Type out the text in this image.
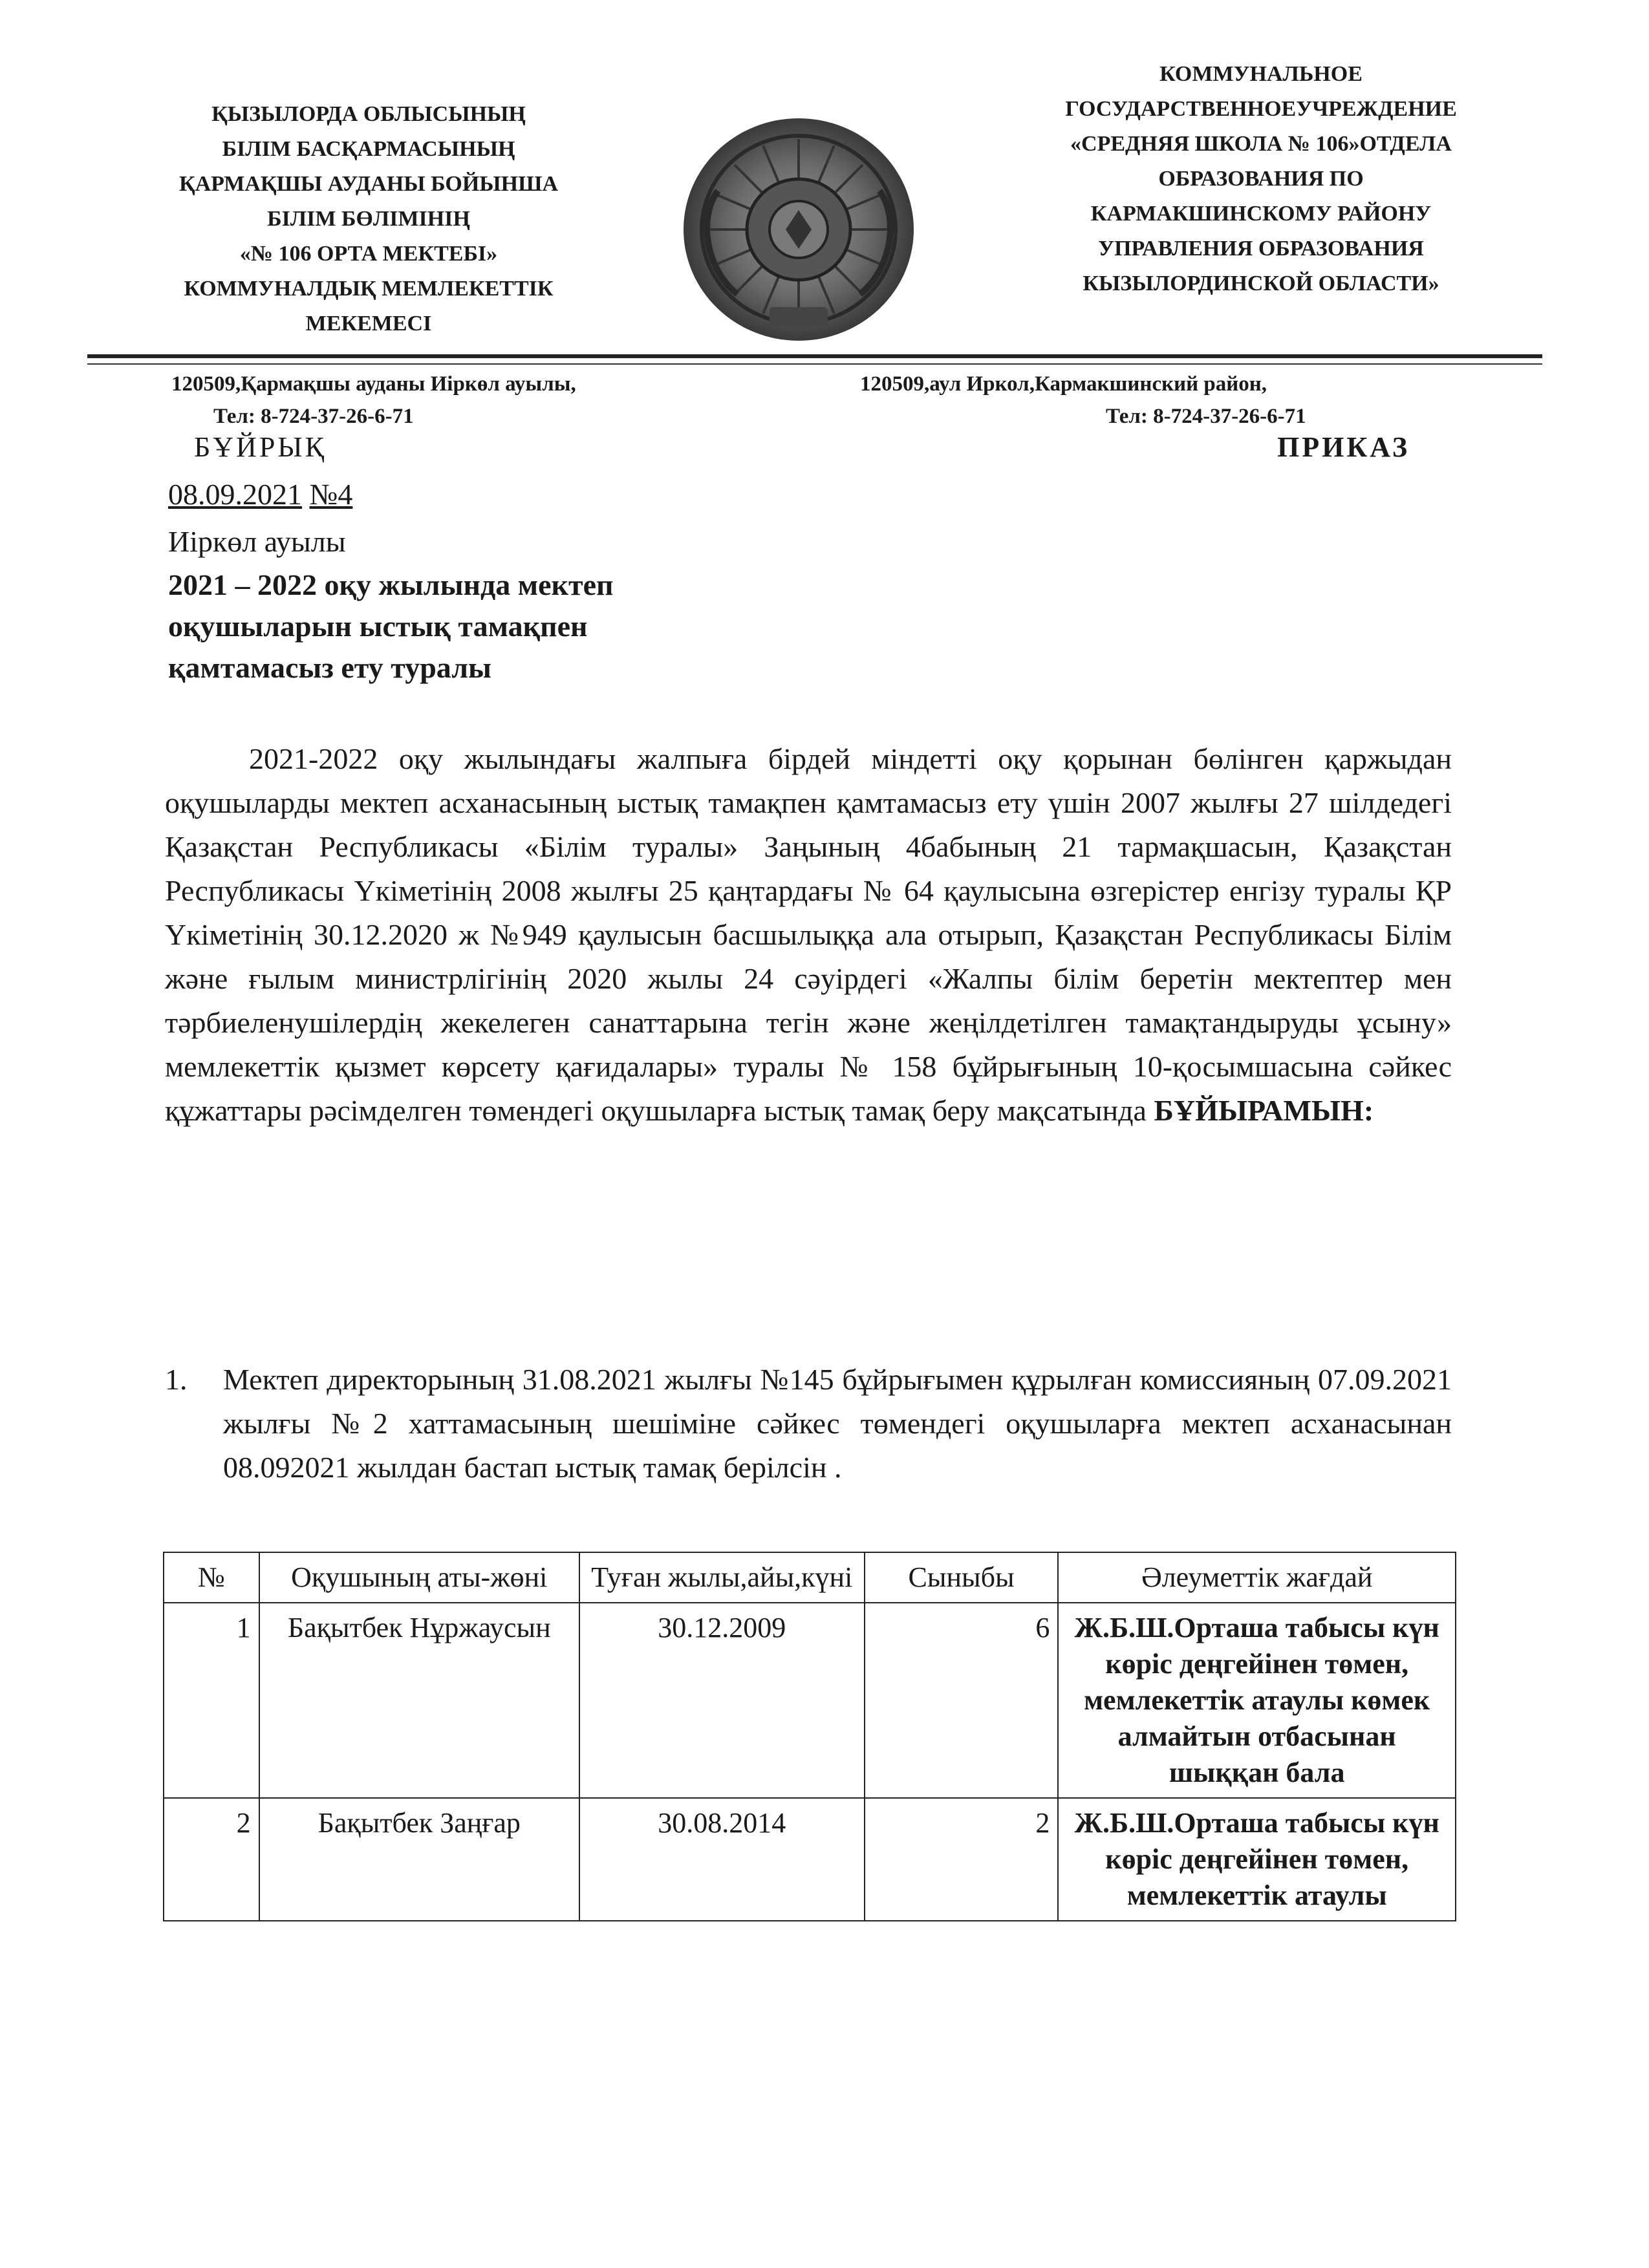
ҚЫЗЫЛОРДА ОБЛЫСЫНЫҢ
БІЛІМ БАСҚАРМАСЫНЫҢ
ҚАРМАҚШЫ АУДАНЫ БОЙЫНША
БІЛІМ БӨЛІМІНІҢ
«№ 106 ОРТА МЕКТЕБІ»
КОММУНАЛДЫҚ МЕМЛЕКЕТТІК
МЕКЕМЕСІ
КОММУНАЛЬНОЕ
ГОСУДАРСТВЕННОЕУЧРЕЖДЕНИЕ
«СРЕДНЯЯ ШКОЛА № 106»ОТДЕЛА
ОБРАЗОВАНИЯ ПО
КАРМАКШИНСКОМУ РАЙОНУ
УПРАВЛЕНИЯ ОБРАЗОВАНИЯ
КЫЗЫЛОРДИНСКОЙ ОБЛАСТИ»
120509,Қармақшы ауданы Иіркөл ауылы,
Тел: 8-724-37-26-6-71
120509,аул Иркол,Кармакшинский район,
Тел: 8-724-37-26-6-71
БҰЙРЫҚ	ПРИКАЗ
08.09.2021 №4
Иіркөл ауылы
2021 – 2022 оқу жылында мектеп
оқушыларын ыстық тамақпен
қамтамасыз ету туралы
2021-2022 оқу жылындағы жалпыға бірдей міндетті оқу қорынан бөлінген қаржыдан оқушыларды мектеп асханасының ыстық тамақпен қамтамасыз ету үшін 2007 жылғы 27 шілдедегі Қазақстан Республикасы «Білім туралы» Заңының 4бабының 21 тармақшасын, Қазақстан Республикасы Үкіметінің 2008 жылғы 25 қаңтардағы № 64 қаулысына өзгерістер енгізу туралы ҚР Үкіметінің 30.12.2020 ж №949 қаулысын басшылыққа ала отырып, Қазақстан Республикасы Білім және ғылым министрлігінің 2020 жылы 24 сәуірдегі «Жалпы білім беретін мектептер мен тәрбиеленушілердің жекелеген санаттарына тегін және жеңілдетілген тамақтандыруды ұсыну» мемлекеттік қызмет көрсету қағидалары» туралы № 158 бұйрығының 10-қосымшасына сәйкес құжаттары рәсімделген төмендегі оқушыларға ыстық тамақ беру мақсатында БҰЙЫРАМЫН:
1. Мектеп директорының 31.08.2021 жылғы №145 бұйрығымен құрылған комиссияның 07.09.2021 жылғы №2 хаттамасының шешіміне сәйкес төмендегі оқушыларға мектеп асханасынан 08.092021 жылдан бастап ыстық тамақ берілсін .
№	Оқушының аты-жөні	Туған жылы,айы,күні	Сыныбы	Әлеуметтік жағдай
1	Бақытбек Нұржаусын	30.12.2009	6	Ж.Б.Ш.Орташа табысы күн көріс деңгейінен төмен, мемлекеттік атаулы көмек алмайтын отбасынан шыққан бала
2	Бақытбек Заңғар	30.08.2014	2	Ж.Б.Ш.Орташа табысы күн көріс деңгейінен төмен, мемлекеттік атаулы
